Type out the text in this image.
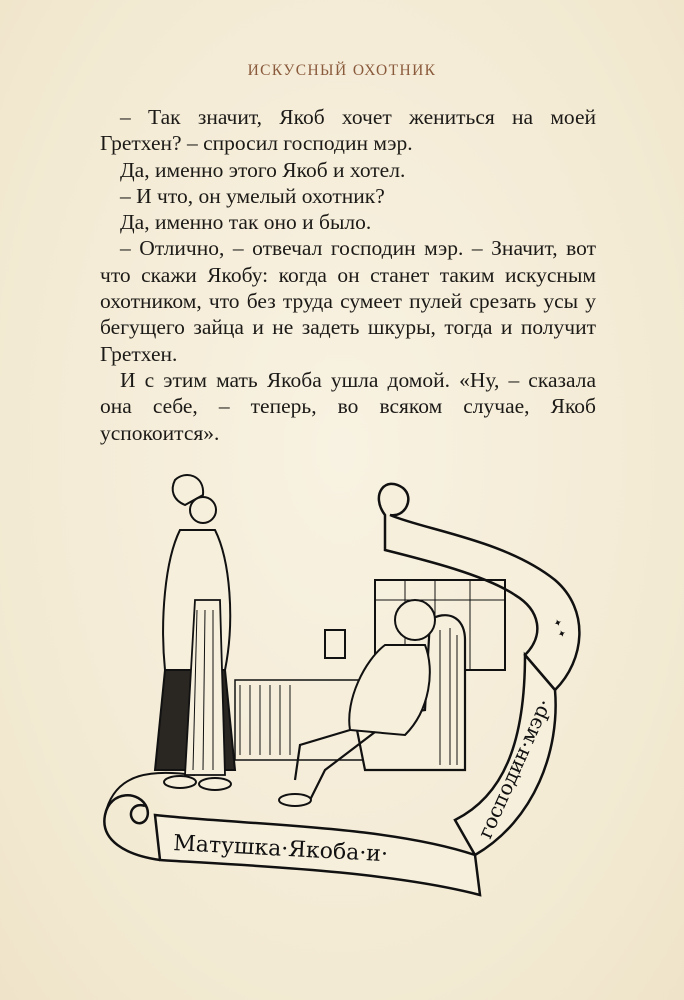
ИСКУСНЫЙ ОХОТНИК

– Так значит, Якоб хочет жениться на моей Гретхен? – спросил господин мэр.

Да, именно этого Якоб и хотел.

– И что, он умелый охотник?

Да, именно так оно и было.

– Отлично, – отвечал господин мэр. – Значит, вот что скажи Якобу: когда он станет таким искусным охотником, что без труда сумеет пулей срезать усы у бегущего зайца и не задеть шкуры, тогда и получит Гретхен.

И с этим мать Якоба ушла домой. «Ну, – сказала она себе, – теперь, во всяком случае, Якоб успокоится».

Матушка·Якоба·и·
господин·мэр·
✦ ✦
